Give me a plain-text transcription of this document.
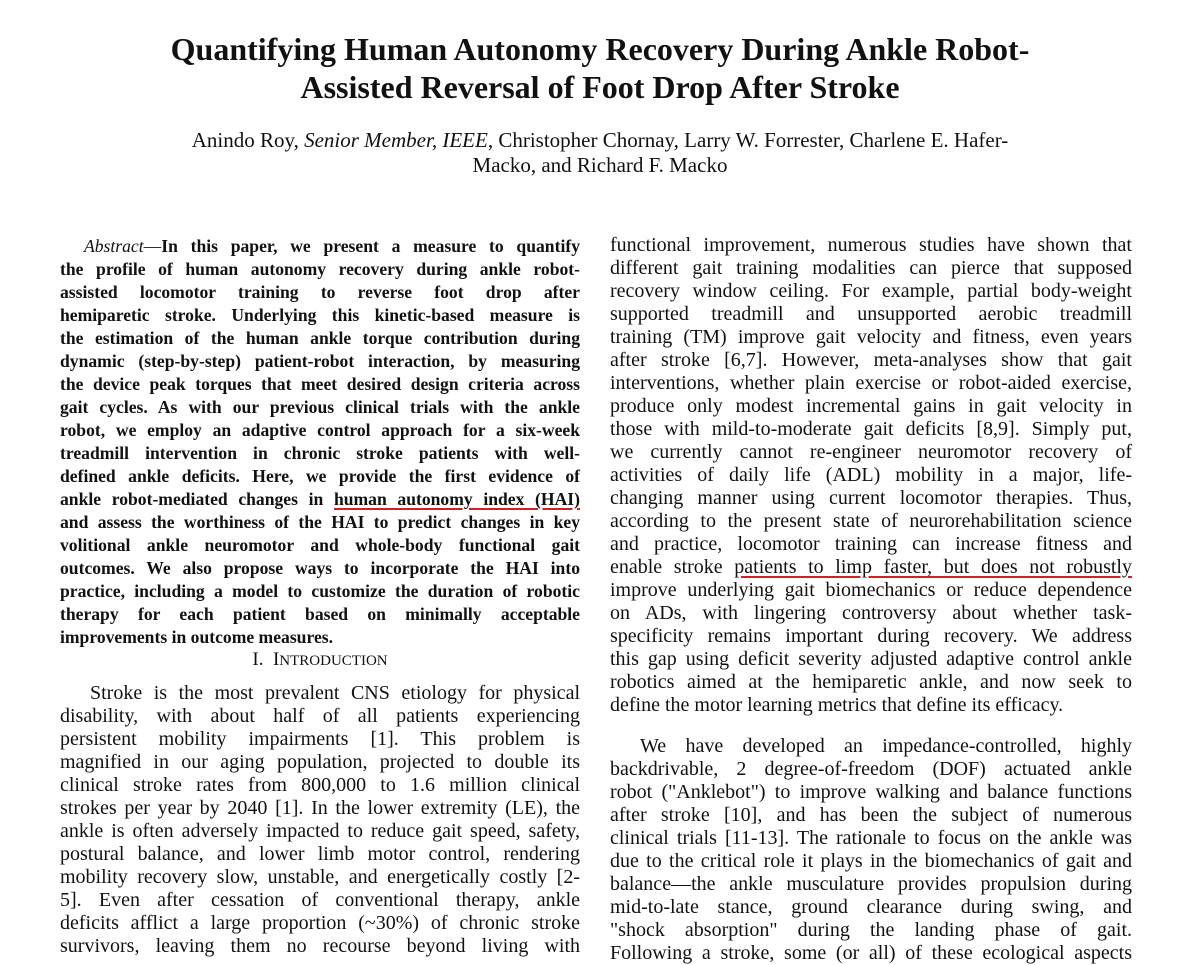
Quantifying Human Autonomy Recovery During Ankle Robot-
Assisted Reversal of Foot Drop After Stroke
Anindo Roy, Senior Member, IEEE, Christopher Chornay, Larry W. Forrester, Charlene E. Hafer-
Macko, and Richard F. Macko
Abstract—In this paper, we present a measure to quantify
the profile of human autonomy recovery during ankle robot-
assisted locomotor training to reverse foot drop after
hemiparetic stroke. Underlying this kinetic-based measure is
the estimation of the human ankle torque contribution during
dynamic (step-by-step) patient-robot interaction, by measuring
the device peak torques that meet desired design criteria across
gait cycles. As with our previous clinical trials with the ankle
robot, we employ an adaptive control approach for a six-week
treadmill intervention in chronic stroke patients with well-
defined ankle deficits. Here, we provide the first evidence of
ankle robot-mediated changes in human autonomy index (HAI)
and assess the worthiness of the HAI to predict changes in key
volitional ankle neuromotor and whole-body functional gait
outcomes. We also propose ways to incorporate the HAI into
practice, including a model to customize the duration of robotic
therapy for each patient based on minimally acceptable
improvements in outcome measures.
I. INTRODUCTION
Stroke is the most prevalent CNS etiology for physical
disability, with about half of all patients experiencing
persistent mobility impairments [1]. This problem is
magnified in our aging population, projected to double its
clinical stroke rates from 800,000 to 1.6 million clinical
strokes per year by 2040 [1]. In the lower extremity (LE), the
ankle is often adversely impacted to reduce gait speed, safety,
postural balance, and lower limb motor control, rendering
mobility recovery slow, unstable, and energetically costly [2-
5]. Even after cessation of conventional therapy, ankle
deficits afflict a large proportion (~30%) of chronic stroke
survivors, leaving them no recourse beyond living with
functional improvement, numerous studies have shown that
different gait training modalities can pierce that supposed
recovery window ceiling. For example, partial body-weight
supported treadmill and unsupported aerobic treadmill
training (TM) improve gait velocity and fitness, even years
after stroke [6,7]. However, meta-analyses show that gait
interventions, whether plain exercise or robot-aided exercise,
produce only modest incremental gains in gait velocity in
those with mild-to-moderate gait deficits [8,9]. Simply put,
we currently cannot re-engineer neuromotor recovery of
activities of daily life (ADL) mobility in a major, life-
changing manner using current locomotor therapies. Thus,
according to the present state of neurorehabilitation science
and practice, locomotor training can increase fitness and
enable stroke patients to limp faster, but does not robustly
improve underlying gait biomechanics or reduce dependence
on ADs, with lingering controversy about whether task-
specificity remains important during recovery. We address
this gap using deficit severity adjusted adaptive control ankle
robotics aimed at the hemiparetic ankle, and now seek to
define the motor learning metrics that define its efficacy.
We have developed an impedance-controlled, highly
backdrivable, 2 degree-of-freedom (DOF) actuated ankle
robot ("Anklebot") to improve walking and balance functions
after stroke [10], and has been the subject of numerous
clinical trials [11-13]. The rationale to focus on the ankle was
due to the critical role it plays in the biomechanics of gait and
balance—the ankle musculature provides propulsion during
mid-to-late stance, ground clearance during swing, and
"shock absorption" during the landing phase of gait.
Following a stroke, some (or all) of these ecological aspects
